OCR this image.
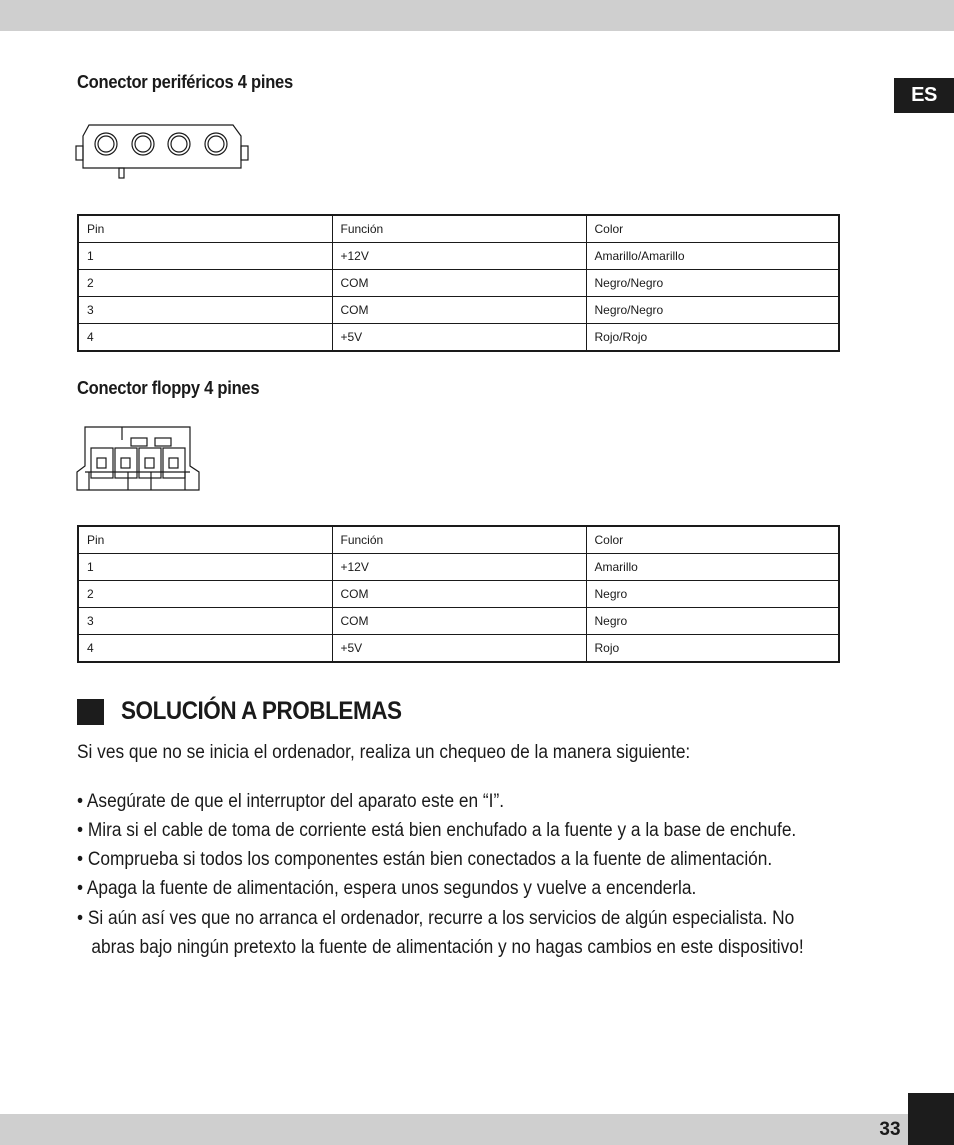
ES
Conector periféricos 4 pines
Pin	Función	Color
1	+12V	Amarillo/Amarillo
2	COM	Negro/Negro
3	COM	Negro/Negro
4	+5V	Rojo/Rojo
Conector floppy 4 pines
Pin	Función	Color
1	+12V	Amarillo
2	COM	Negro
3	COM	Negro
4	+5V	Rojo
SOLUCIÓN A PROBLEMAS
Si ves que no se inicia el ordenador, realiza un chequeo de la manera siguiente:
• Asegúrate de que el interruptor del aparato este en “I”.
• Mira si el cable de toma de corriente está bien enchufado a la fuente y a la base de enchufe.
• Comprueba si todos los componentes están bien conectados a la fuente de alimentación.
• Apaga la fuente de alimentación, espera unos segundos y vuelve a encenderla.
• Si aún así ves que no arranca el ordenador, recurre a los servicios de algún especialista. No
abras bajo ningún pretexto la fuente de alimentación y no hagas cambios en este dispositivo!
33
